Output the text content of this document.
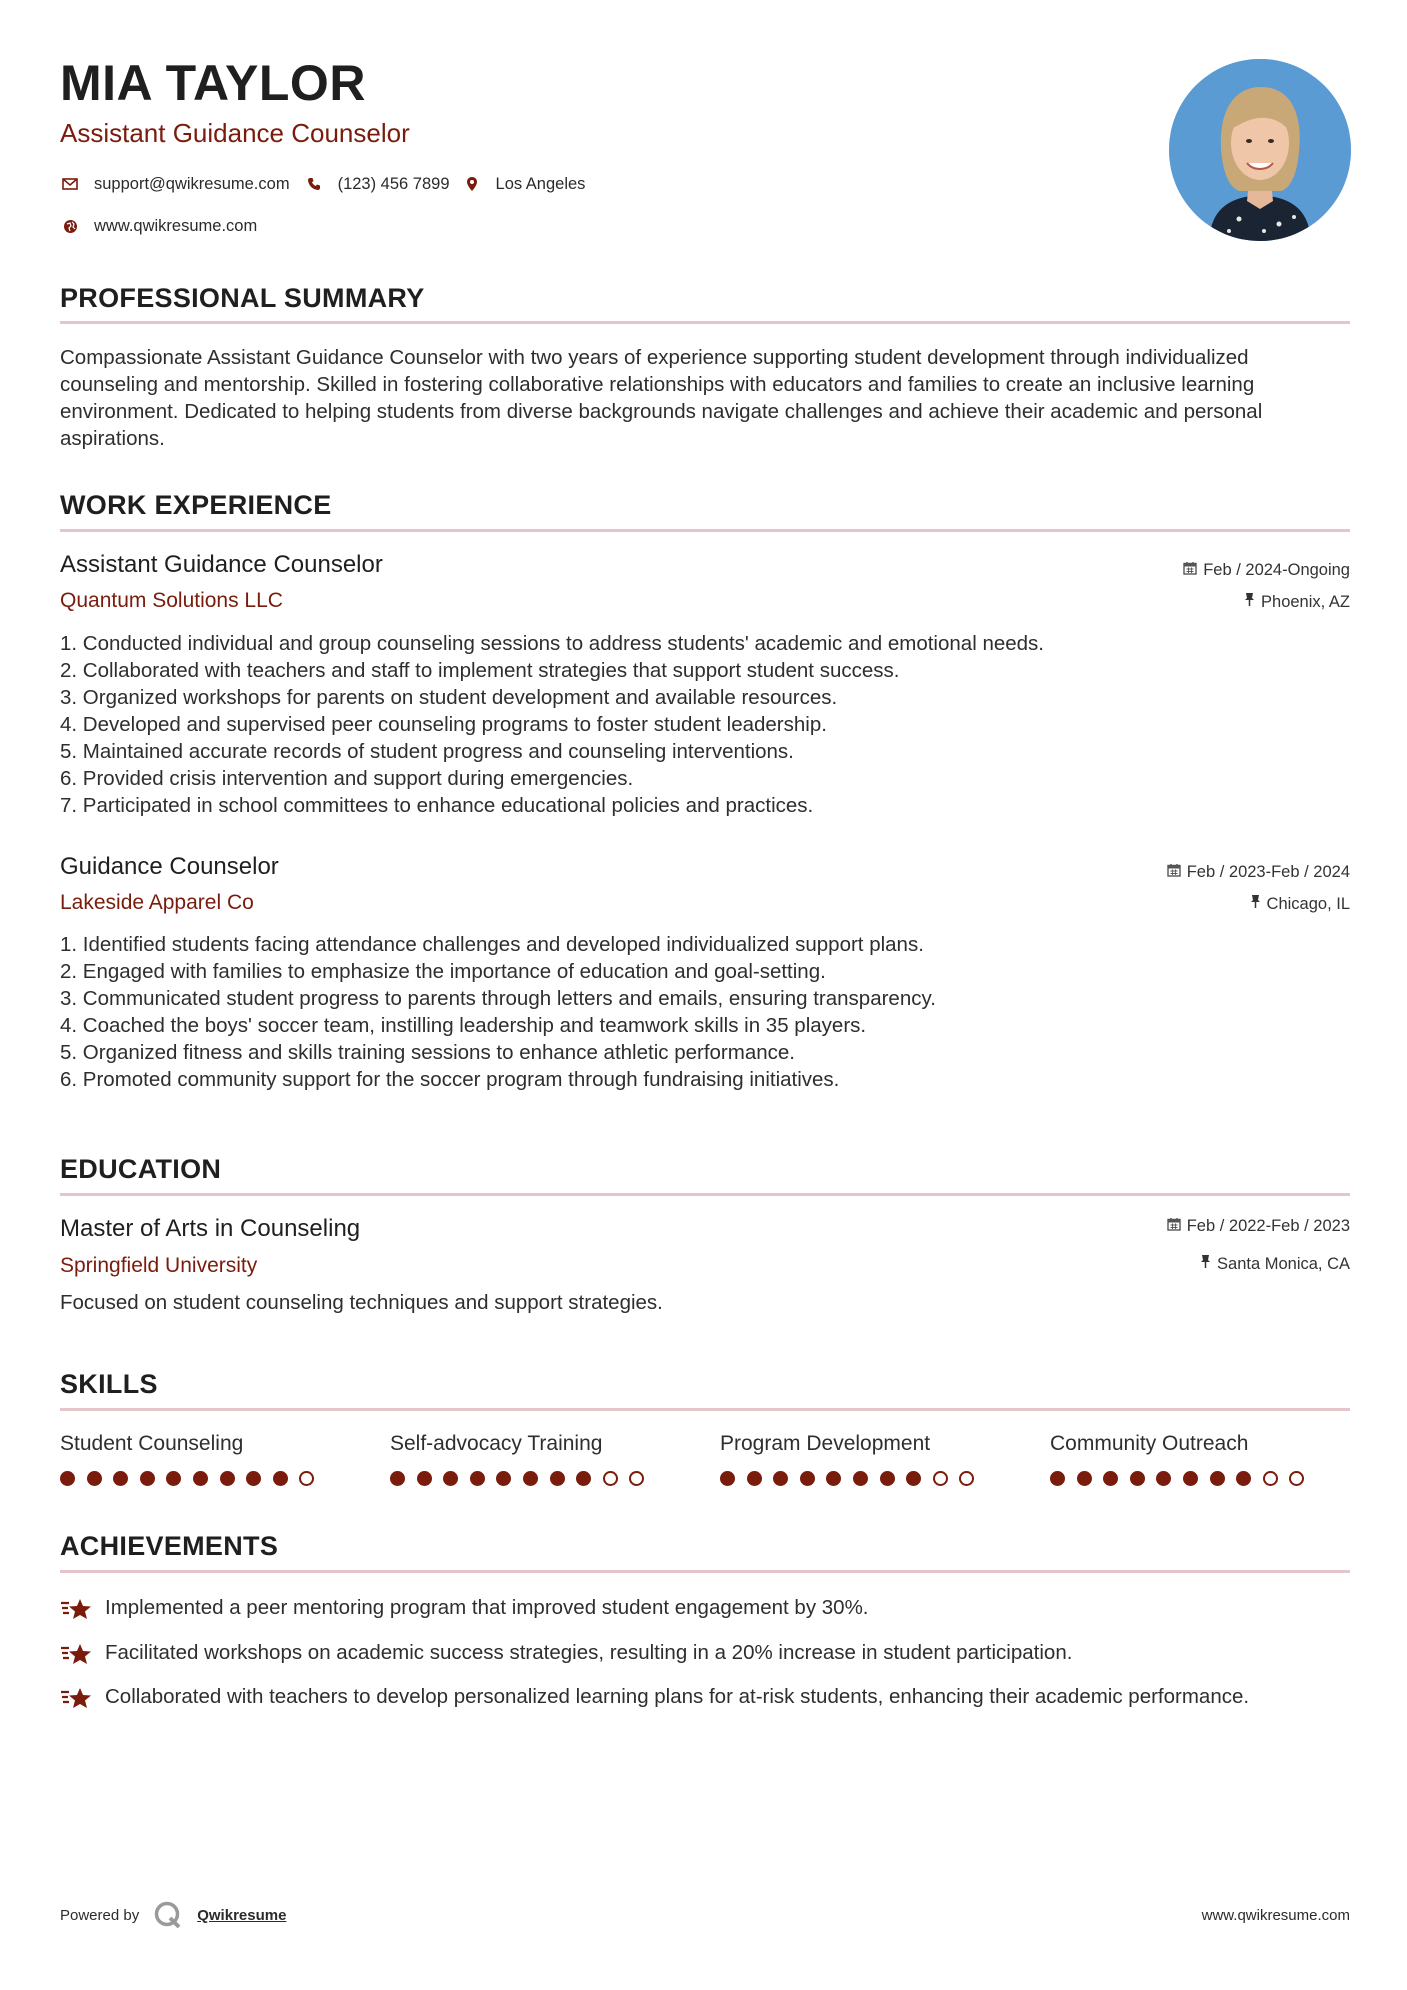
MIA TAYLOR
Assistant Guidance Counselor
support@qwikresume.com	(123) 456 7899	Los Angeles
www.qwikresume.com
PROFESSIONAL SUMMARY
Compassionate Assistant Guidance Counselor with two years of experience supporting student development through individualized counseling and mentorship. Skilled in fostering collaborative relationships with educators and families to create an inclusive learning environment. Dedicated to helping students from diverse backgrounds navigate challenges and achieve their academic and personal aspirations.
WORK EXPERIENCE
Assistant Guidance Counselor	Feb / 2024-Ongoing
Quantum Solutions LLC	Phoenix, AZ
1. Conducted individual and group counseling sessions to address students' academic and emotional needs.
2. Collaborated with teachers and staff to implement strategies that support student success.
3. Organized workshops for parents on student development and available resources.
4. Developed and supervised peer counseling programs to foster student leadership.
5. Maintained accurate records of student progress and counseling interventions.
6. Provided crisis intervention and support during emergencies.
7. Participated in school committees to enhance educational policies and practices.
Guidance Counselor	Feb / 2023-Feb / 2024
Lakeside Apparel Co	Chicago, IL
1. Identified students facing attendance challenges and developed individualized support plans.
2. Engaged with families to emphasize the importance of education and goal-setting.
3. Communicated student progress to parents through letters and emails, ensuring transparency.
4. Coached the boys' soccer team, instilling leadership and teamwork skills in 35 players.
5. Organized fitness and skills training sessions to enhance athletic performance.
6. Promoted community support for the soccer program through fundraising initiatives.
EDUCATION
Master of Arts in Counseling	Feb / 2022-Feb / 2023
Springfield University	Santa Monica, CA
Focused on student counseling techniques and support strategies.
SKILLS
Student Counseling	Self-advocacy Training	Program Development	Community Outreach
ACHIEVEMENTS
Implemented a peer mentoring program that improved student engagement by 30%.
Facilitated workshops on academic success strategies, resulting in a 20% increase in student participation.
Collaborated with teachers to develop personalized learning plans for at-risk students, enhancing their academic performance.
Powered by	Qwikresume	www.qwikresume.com
